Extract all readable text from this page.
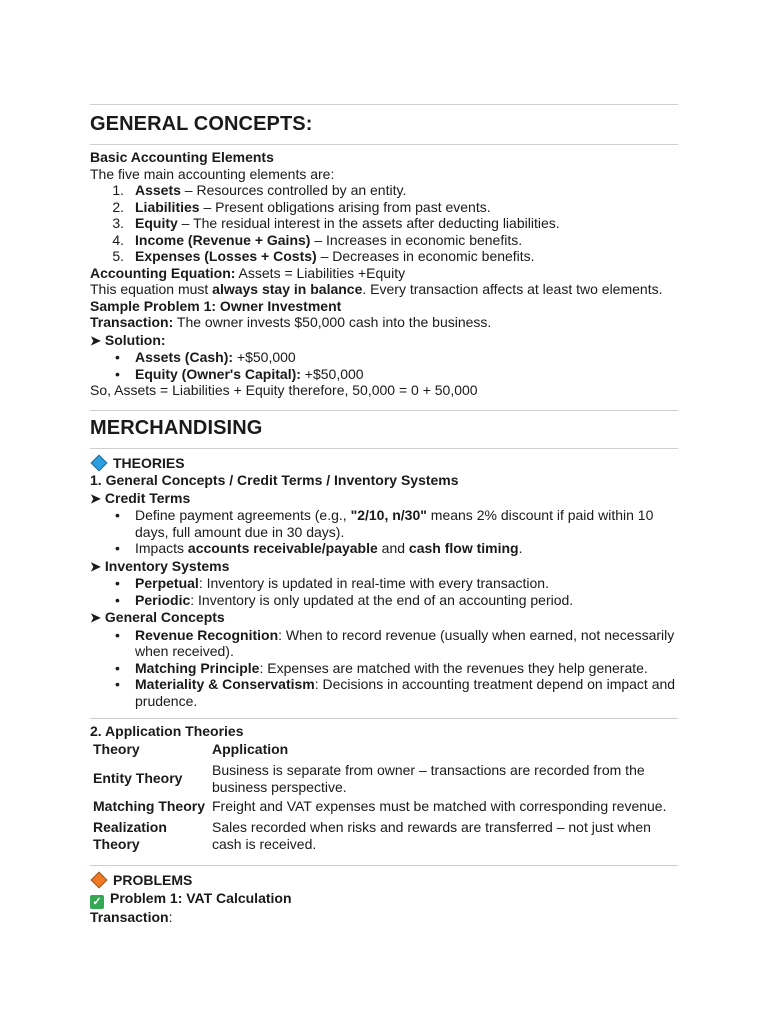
GENERAL CONCEPTS:
Basic Accounting Elements
The five main accounting elements are:
1. Assets – Resources controlled by an entity.
2. Liabilities – Present obligations arising from past events.
3. Equity – The residual interest in the assets after deducting liabilities.
4. Income (Revenue + Gains) – Increases in economic benefits.
5. Expenses (Losses + Costs) – Decreases in economic benefits.
Accounting Equation: Assets = Liabilities +Equity
This equation must always stay in balance. Every transaction affects at least two elements.
Sample Problem 1: Owner Investment
Transaction: The owner invests $50,000 cash into the business.
➤ Solution:
• Assets (Cash): +$50,000
• Equity (Owner's Capital): +$50,000
So, Assets = Liabilities + Equity therefore, 50,000 = 0 + 50,000
MERCHANDISING
THEORIES
1. General Concepts / Credit Terms / Inventory Systems
➤ Credit Terms
• Define payment agreements (e.g., "2/10, n/30" means 2% discount if paid within 10 days, full amount due in 30 days).
• Impacts accounts receivable/payable and cash flow timing.
➤ Inventory Systems
• Perpetual: Inventory is updated in real-time with every transaction.
• Periodic: Inventory is only updated at the end of an accounting period.
➤ General Concepts
• Revenue Recognition: When to record revenue (usually when earned, not necessarily when received).
• Matching Principle: Expenses are matched with the revenues they help generate.
• Materiality & Conservatism: Decisions in accounting treatment depend on impact and prudence.
2. Application Theories
Theory	Application
Entity Theory	Business is separate from owner – transactions are recorded from the business perspective.
Matching Theory	Freight and VAT expenses must be matched with corresponding revenue.
Realization Theory	Sales recorded when risks and rewards are transferred – not just when cash is received.
PROBLEMS
✓ Problem 1: VAT Calculation
Transaction:
